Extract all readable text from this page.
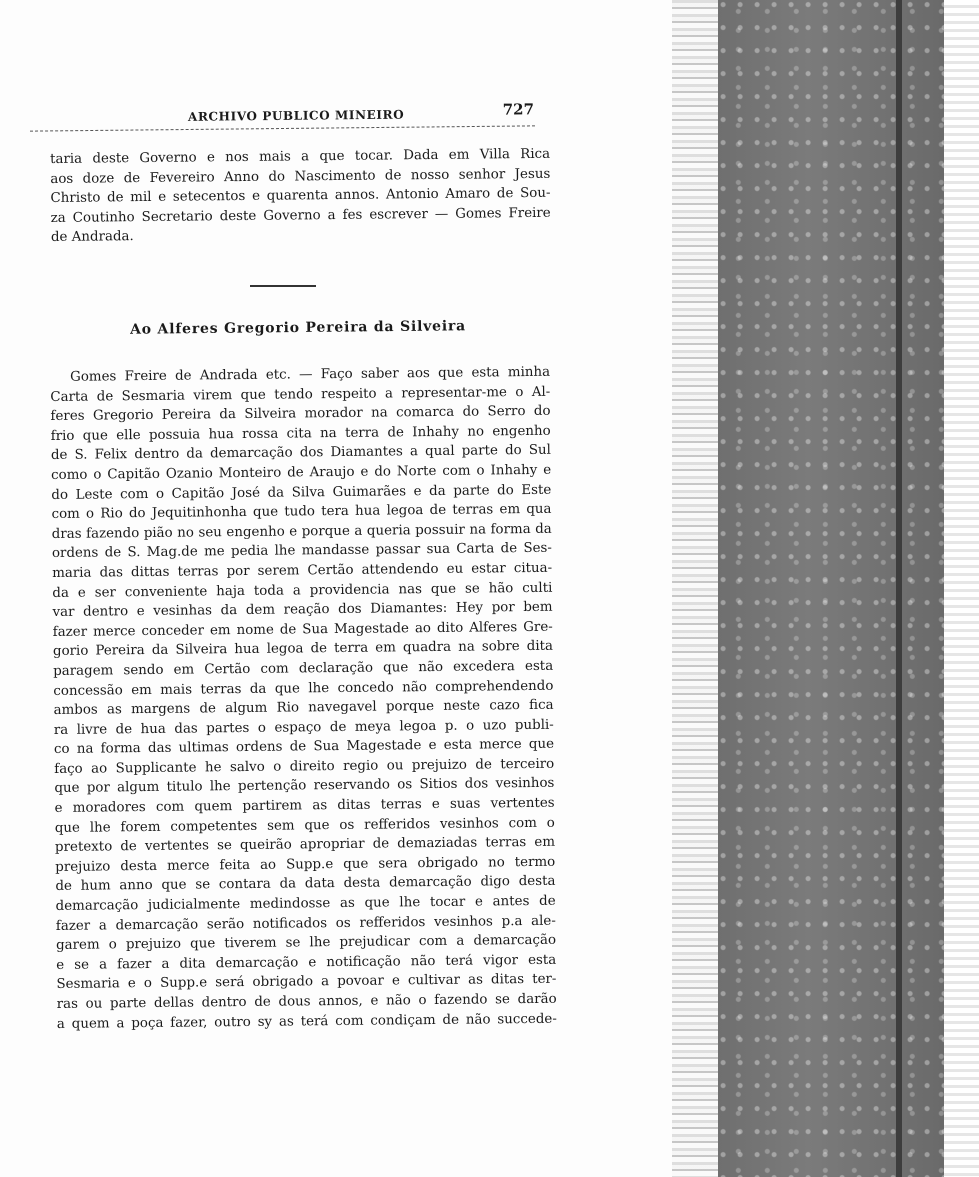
ARCHIVO PUBLICO MINEIRO	727
taria deste Governo e nos mais a que tocar. Dada em Villa Rica
aos doze de Fevereiro Anno do Nascimento de nosso senhor Jesus
Christo de mil e setecentos e quarenta annos. Antonio Amaro de Sou-
za Coutinho Secretario deste Governo a fes escrever — Gomes Freire
de Andrada.
Ao Alferes Gregorio Pereira da Silveira
Gomes Freire de Andrada etc. — Faço saber aos que esta minha
Carta de Sesmaria virem que tendo respeito a representar-me o Al-
feres Gregorio Pereira da Silveira morador na comarca do Serro do
frio que elle possuia hua rossa cita na terra de Inhahy no engenho
de S. Felix dentro da demarcação dos Diamantes a qual parte do Sul
como o Capitão Ozanio Monteiro de Araujo e do Norte com o Inhahy e
do Leste com o Capitão José da Silva Guimarães e da parte do Este
com o Rio do Jequitinhonha que tudo tera hua legoa de terras em qua
dras fazendo pião no seu engenho e porque a queria possuir na forma da
ordens de S. Mag.de me pedia lhe mandasse passar sua Carta de Ses-
maria das dittas terras por serem Certão attendendo eu estar citua-
da e ser conveniente haja toda a providencia nas que se hão culti
var dentro e vesinhas da dem reação dos Diamantes: Hey por bem
fazer merce conceder em nome de Sua Magestade ao dito Alferes Gre-
gorio Pereira da Silveira hua legoa de terra em quadra na sobre dita
paragem sendo em Certão com declaração que não excedera esta
concessão em mais terras da que lhe concedo não comprehendendo
ambos as margens de algum Rio navegavel porque neste cazo fica
ra livre de hua das partes o espaço de meya legoa p. o uzo publi-
co na forma das ultimas ordens de Sua Magestade e esta merce que
faço ao Supplicante he salvo o direito regio ou prejuizo de terceiro
que por algum titulo lhe pertenção reservando os Sitios dos vesinhos
e moradores com quem partirem as ditas terras e suas vertentes
que lhe forem competentes sem que os refferidos vesinhos com o
pretexto de vertentes se queirão apropriar de demaziadas terras em
prejuizo desta merce feita ao Supp.e que sera obrigado no termo
de hum anno que se contara da data desta demarcação digo desta
demarcação judicialmente medindosse as que lhe tocar e antes de
fazer a demarcação serão notificados os refferidos vesinhos p.a ale-
garem o prejuizo que tiverem se lhe prejudicar com a demarcação
e se a fazer a dita demarcação e notificação não terá vigor esta
Sesmaria e o Supp.e será obrigado a povoar e cultivar as ditas ter-
ras ou parte dellas dentro de dous annos, e não o fazendo se darão
a quem a poça fazer, outro sy as terá com condiçam de não succede-
